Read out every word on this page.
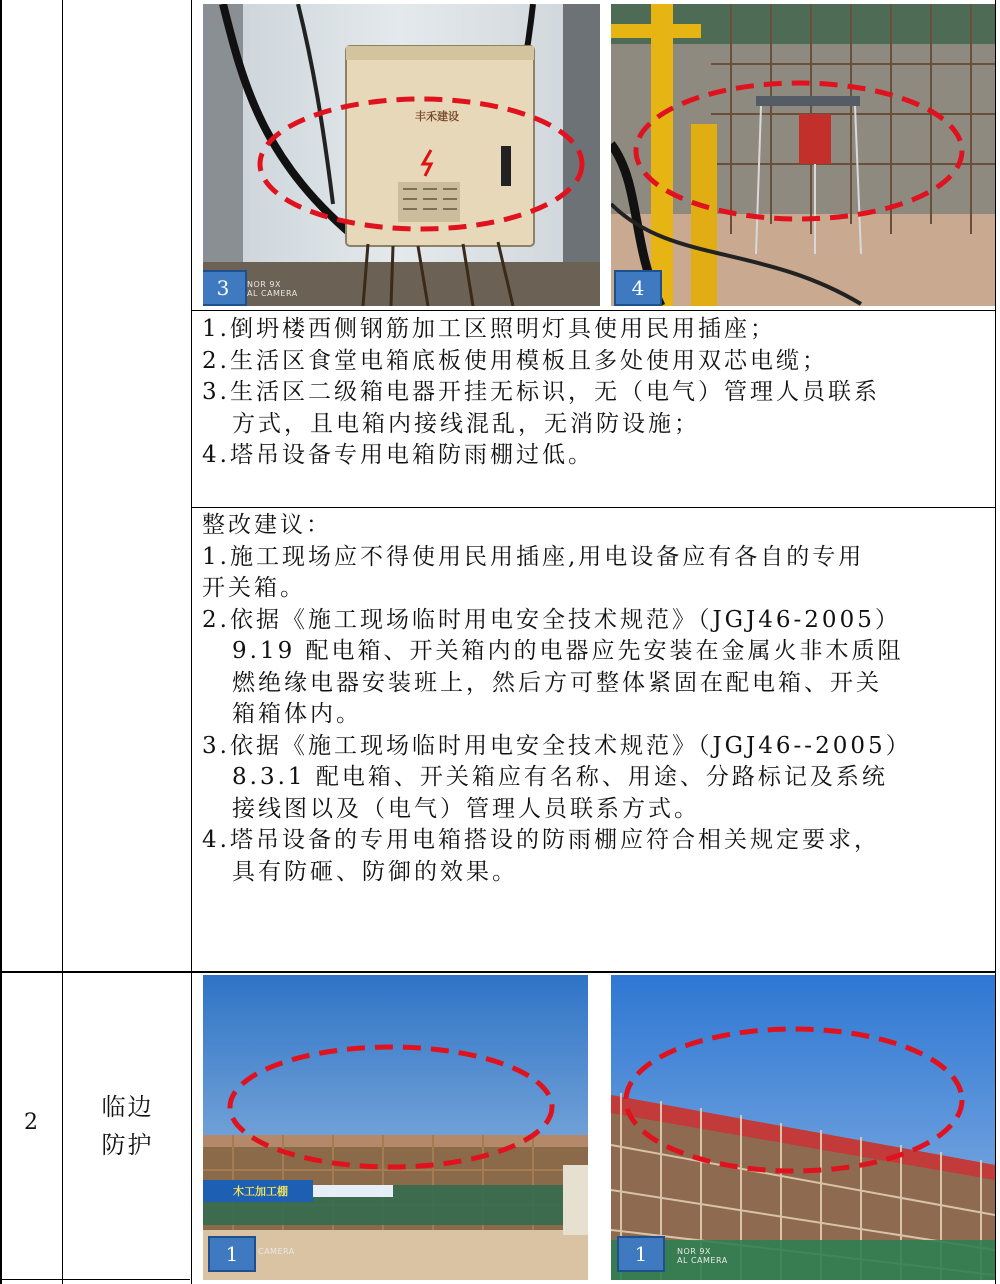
丰禾建设
3	NOR 9X
AL CAMERA	4

1.倒坍楼西侧钢筋加工区照明灯具使用民用插座；

2.生活区食堂电箱底板使用模板且多处使用双芯电缆；

3.生活区二级箱电器开挂无标识，无（电气）管理人员联系

方式，且电箱内接线混乱，无消防设施；

4.塔吊设备专用电箱防雨棚过低。

整改建议：

1.施工现场应不得使用民用插座,用电设备应有各自的专用

开关箱。

2.依据《施工现场临时用电安全技术规范》（JGJ46-2005）

9.19 配电箱、开关箱内的电器应先安装在金属火非木质阻

燃绝缘电器安装班上，然后方可整体紧固在配电箱、开关

箱箱体内。

3.依据《施工现场临时用电安全技术规范》（JGJ46--2005）

8.3.1 配电箱、开关箱应有名称、用途、分路标记及系统

接线图以及（电气）管理人员联系方式。

4.塔吊设备的专用电箱搭设的防雨棚应符合相关规定要求，

具有防砸、防御的效果。

2
临边
防护
木工加工棚
1	CAMERA	1	NOR 9X
AL CAMERA
